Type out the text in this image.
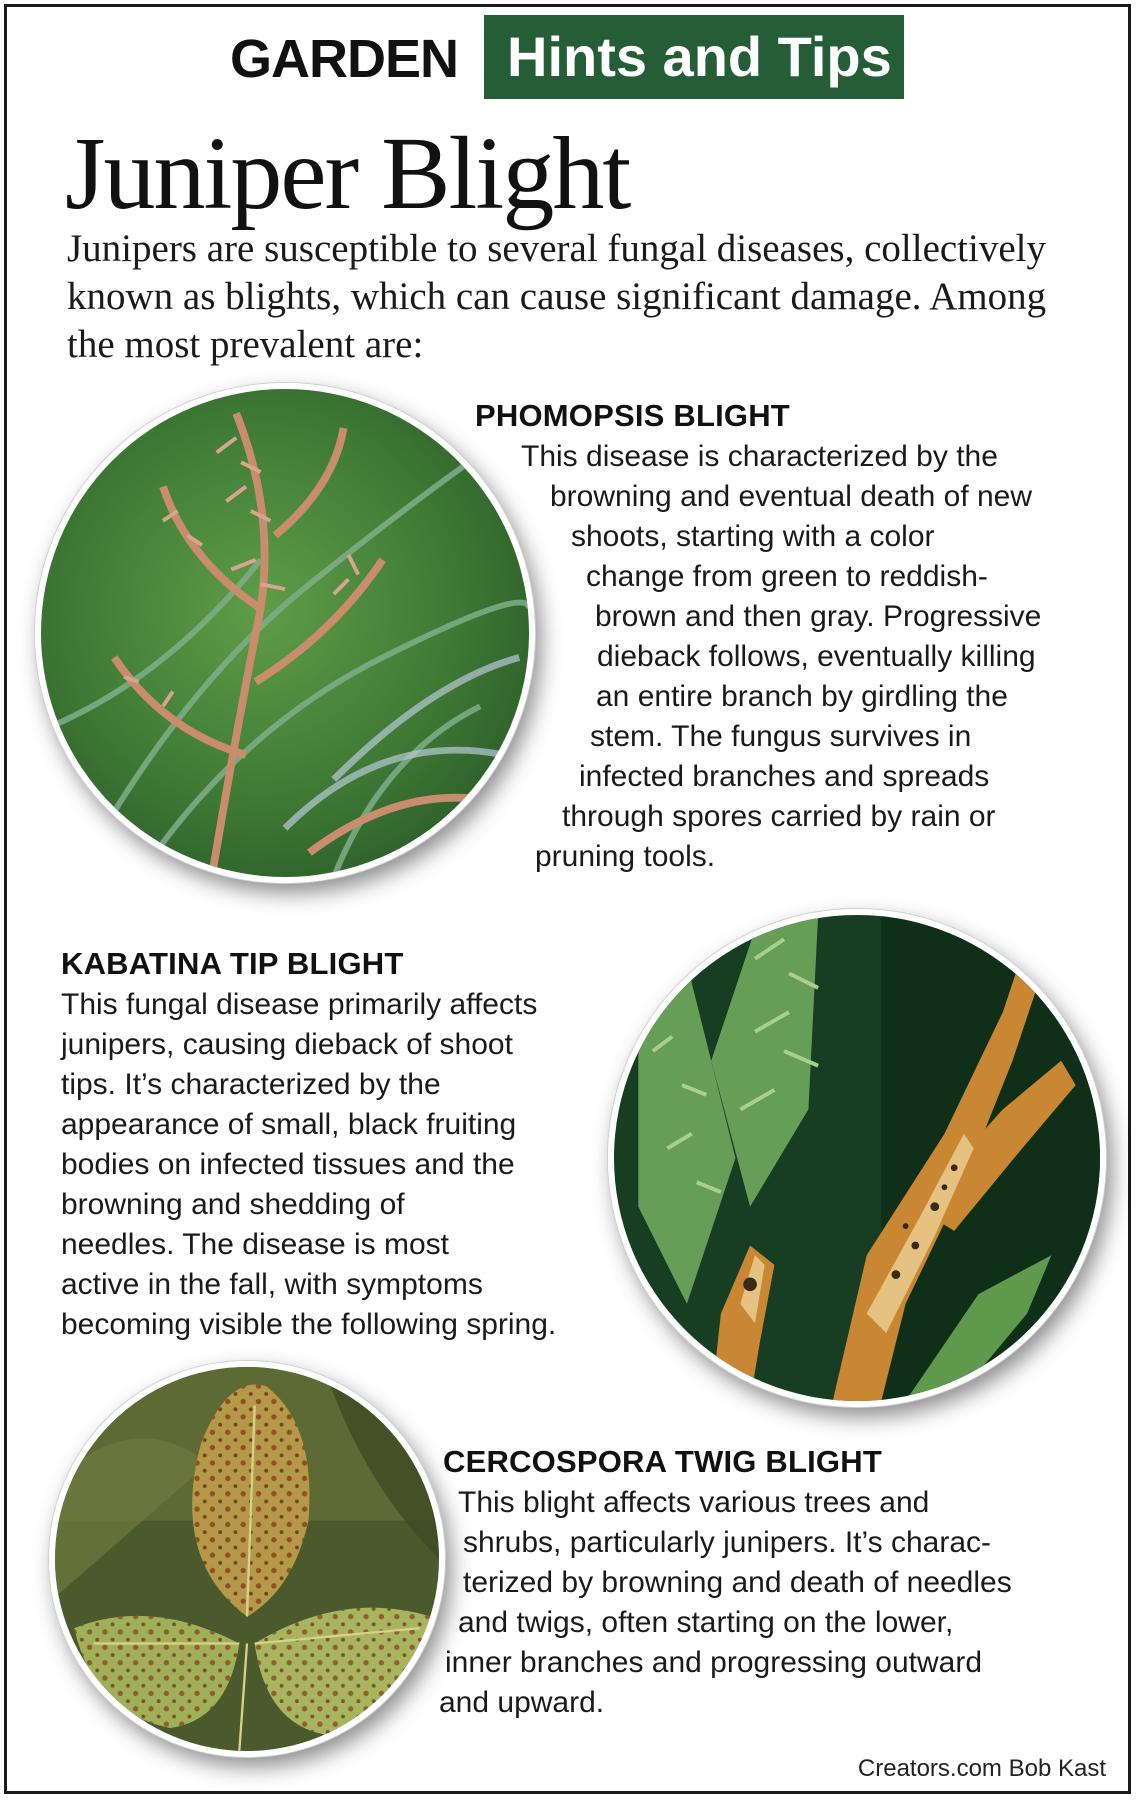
GARDEN Hints and Tips
Juniper Blight
Junipers are susceptible to several fungal diseases, collectively
known as blights, which can cause significant damage. Among
the most prevalent are:
PHOMOPSIS BLIGHT
This disease is characterized by the
browning and eventual death of new
shoots, starting with a color
change from green to reddish-
brown and then gray. Progressive
dieback follows, eventually killing
an entire branch by girdling the
stem. The fungus survives in
infected branches and spreads
through spores carried by rain or
pruning tools.
KABATINA TIP BLIGHT
This fungal disease primarily affects
junipers, causing dieback of shoot
tips. It’s characterized by the
appearance of small, black fruiting
bodies on infected tissues and the
browning and shedding of
needles. The disease is most
active in the fall, with symptoms
becoming visible the following spring.
CERCOSPORA TWIG BLIGHT
This blight affects various trees and
shrubs, particularly junipers. It’s charac-
terized by browning and death of needles
and twigs, often starting on the lower,
inner branches and progressing outward
and upward.
Creators.com Bob Kast
